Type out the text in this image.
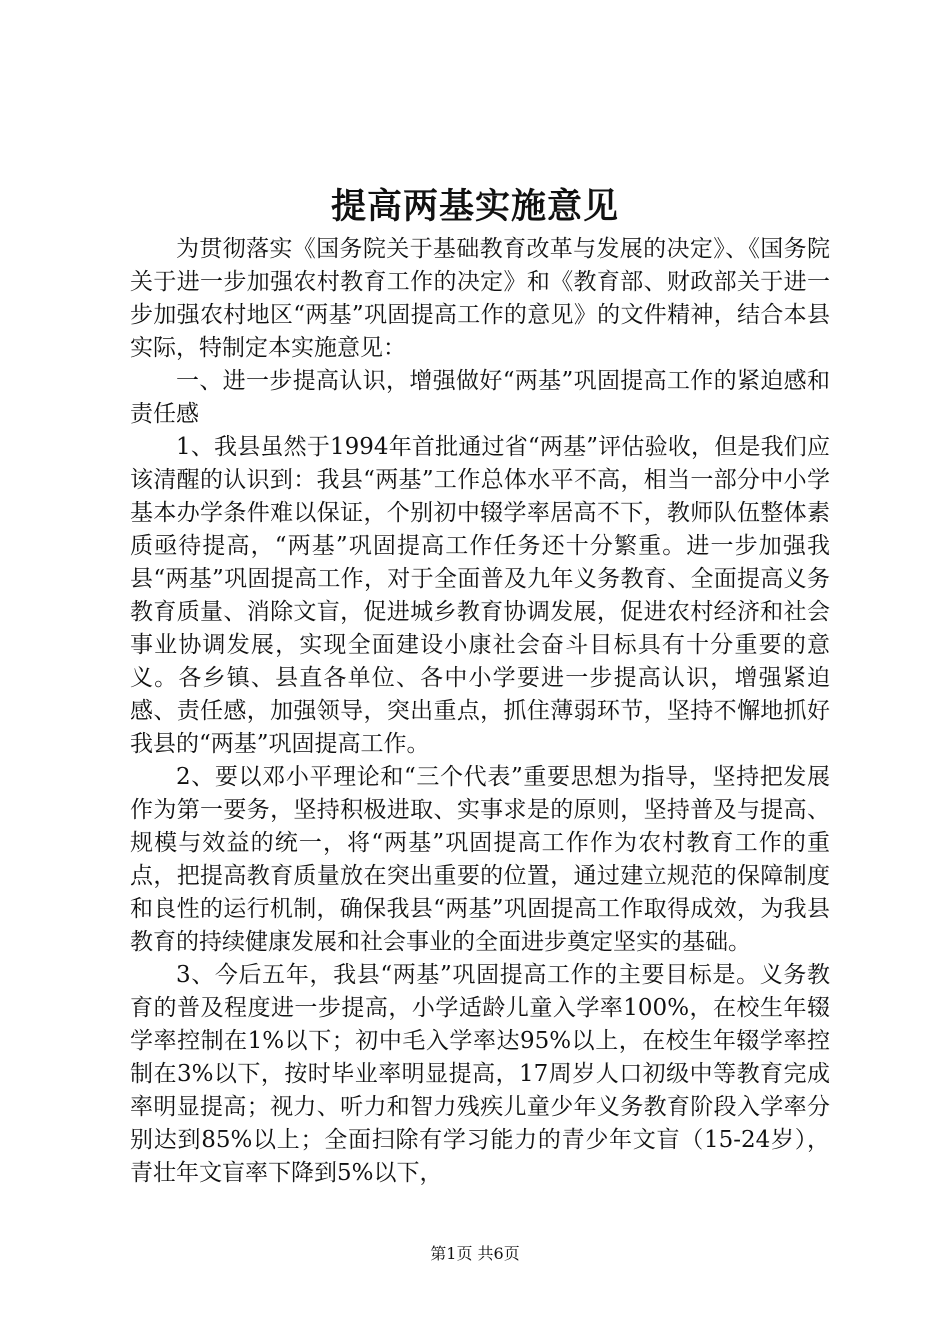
提高两基实施意见

为贯彻落实《国务院关于基础教育改革与发展的决定》、《国务院关于进一步加强农村教育工作的决定》和《教育部、财政部关于进一步加强农村地区“两基”巩固提高工作的意见》的文件精神，结合本县实际，特制定本实施意见：

一、进一步提高认识，增强做好“两基”巩固提高工作的紧迫感和责任感

1、我县虽然于1994年首批通过省“两基”评估验收，但是我们应该清醒的认识到：我县“两基”工作总体水平不高，相当一部分中小学基本办学条件难以保证，个别初中辍学率居高不下，教师队伍整体素质亟待提高，“两基”巩固提高工作任务还十分繁重。进一步加强我县“两基”巩固提高工作，对于全面普及九年义务教育、全面提高义务教育质量、消除文盲，促进城乡教育协调发展，促进农村经济和社会事业协调发展，实现全面建设小康社会奋斗目标具有十分重要的意义。各乡镇、县直各单位、各中小学要进一步提高认识，增强紧迫感、责任感，加强领导，突出重点，抓住薄弱环节，坚持不懈地抓好我县的“两基”巩固提高工作。

2、要以邓小平理论和“三个代表”重要思想为指导，坚持把发展作为第一要务，坚持积极进取、实事求是的原则，坚持普及与提高、规模与效益的统一，将“两基”巩固提高工作作为农村教育工作的重点，把提高教育质量放在突出重要的位置，通过建立规范的保障制度和良性的运行机制，确保我县“两基”巩固提高工作取得成效，为我县教育的持续健康发展和社会事业的全面进步奠定坚实的基础。

3、今后五年，我县“两基”巩固提高工作的主要目标是。义务教育的普及程度进一步提高，小学适龄儿童入学率100%，在校生年辍学率控制在1%以下；初中毛入学率达95%以上，在校生年辍学率控制在3%以下，按时毕业率明显提高，17周岁人口初级中等教育完成率明显提高；视力、听力和智力残疾儿童少年义务教育阶段入学率分别达到85%以上；全面扫除有学习能力的青少年文盲（15-24岁），青壮年文盲率下降到5%以下，

第1页 共6页
